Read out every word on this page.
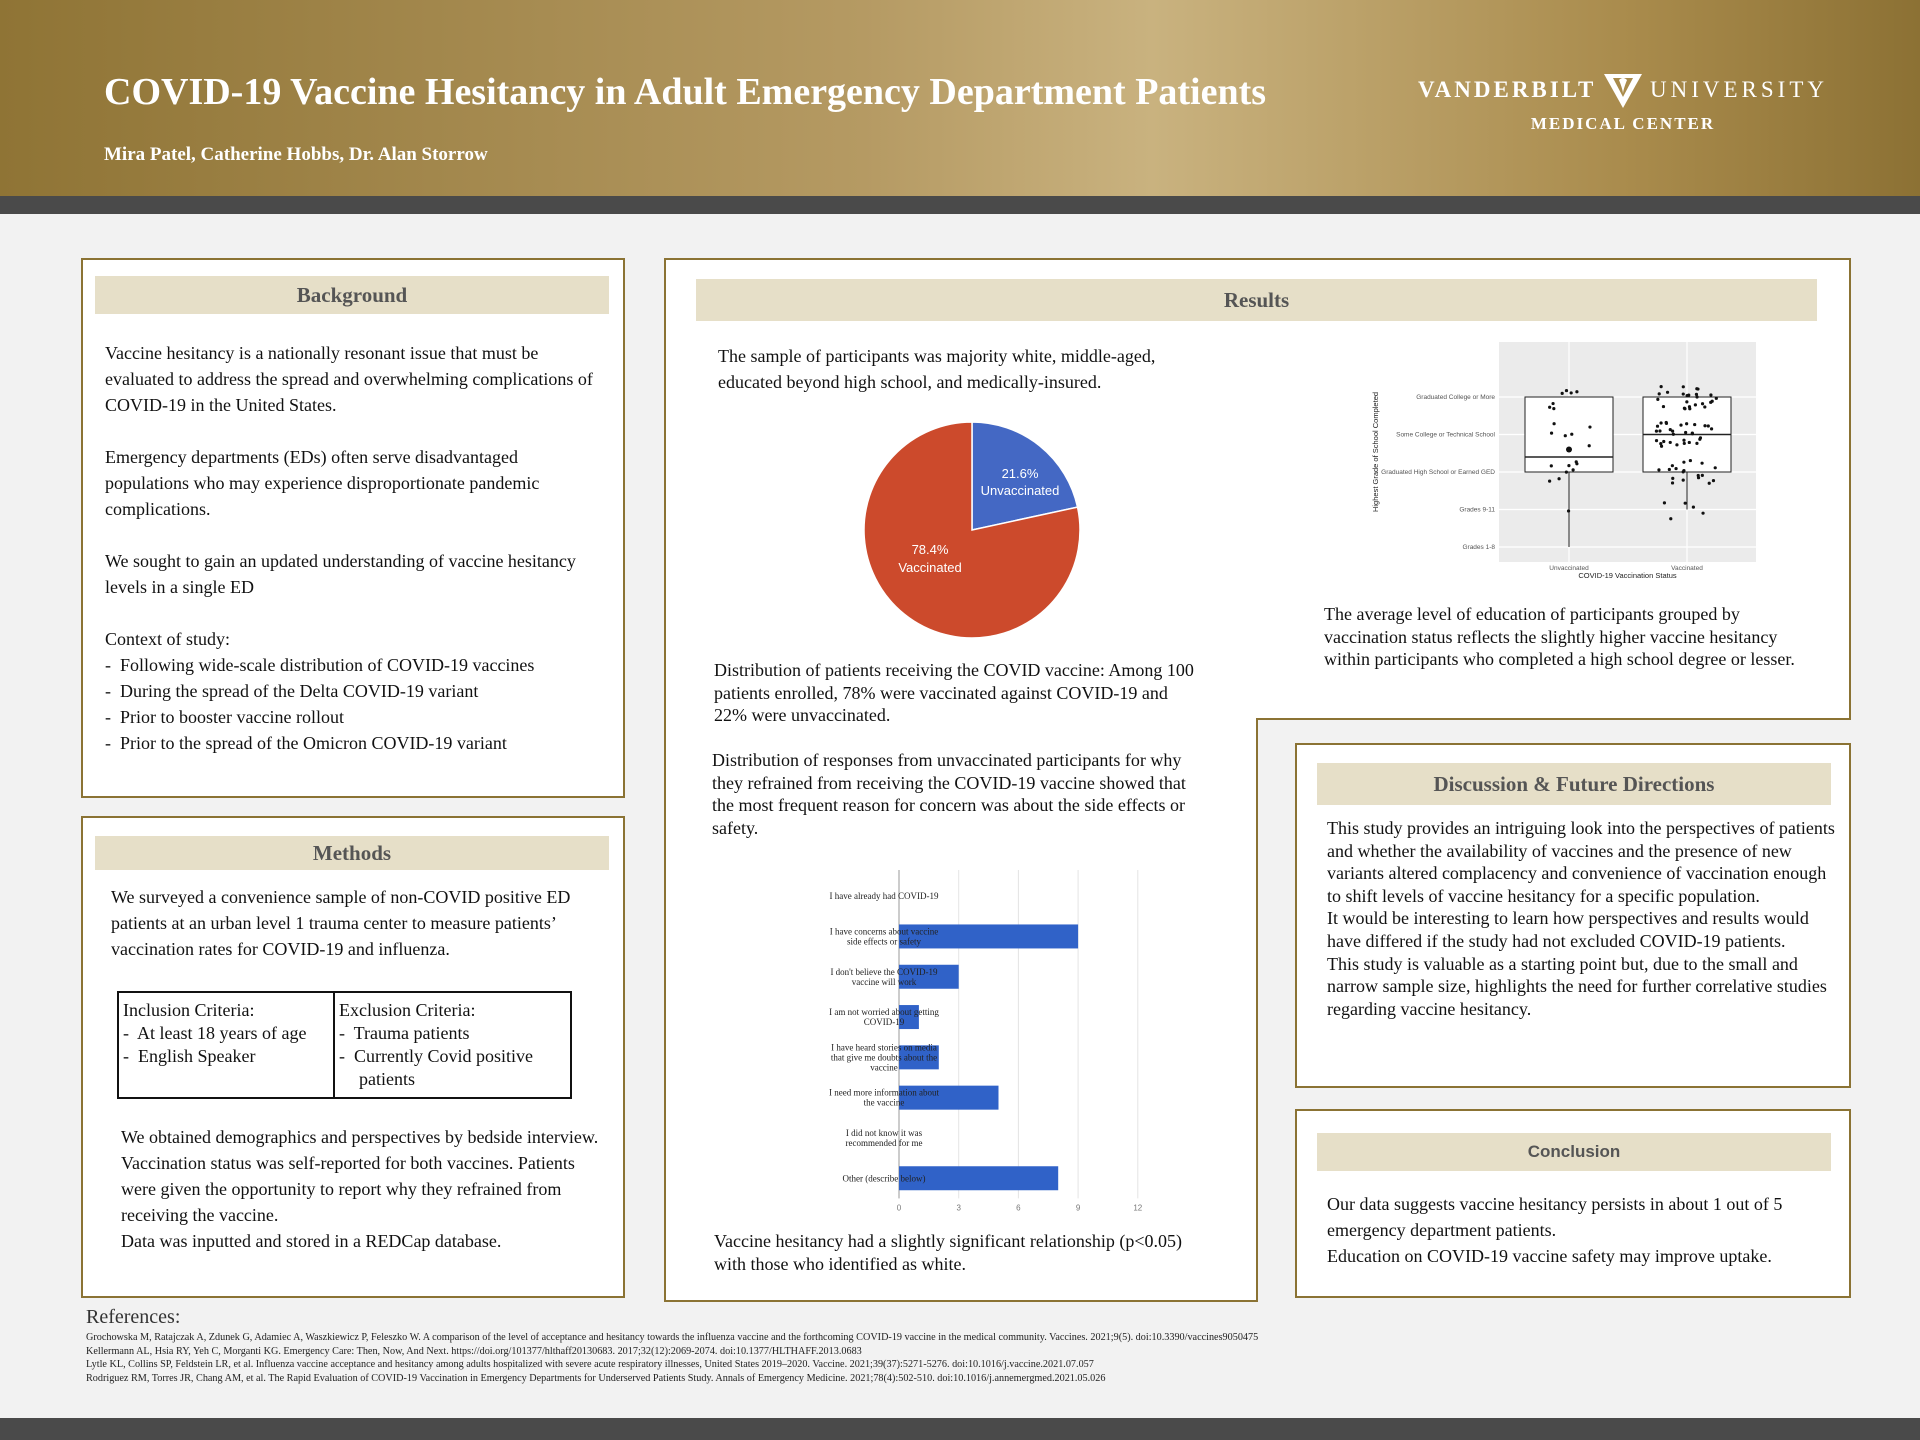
COVID-19 Vaccine Hesitancy in Adult Emergency Department Patients
Mira Patel, Catherine Hobbs, Dr. Alan Storrow
VANDERBILT UNIVERSITY
MEDICAL CENTER
Background

Vaccine hesitancy is a nationally resonant issue that must be evaluated to address the spread and overwhelming complications of COVID-19 in the United States.

Emergency departments (EDs) often serve disadvantaged populations who may experience disproportionate pandemic complications.

We sought to gain an updated understanding of vaccine hesitancy levels in a single ED

Context of study:
-  Following wide-scale distribution of COVID-19 vaccines
-  During the spread of the Delta COVID-19 variant
-  Prior to booster vaccine rollout
-  Prior to the spread of the Omicron COVID-19 variant
Methods
We surveyed a convenience sample of non-COVID positive ED patients at an urban level 1 trauma center to measure patients’ vaccination rates for COVID-19 and influenza.
Inclusion Criteria:
-  At least 18 years of age
-  English Speaker

Exclusion Criteria:
-  Trauma patients
-  Currently Covid positive patients
We obtained demographics and perspectives by bedside interview.
Vaccination status was self-reported for both vaccines. Patients were given the opportunity to report why they refrained from receiving the vaccine.
Data was inputted and stored in a REDCap database.
Results
The sample of participants was majority white, middle-aged, educated beyond high school, and medically-insured.
21.6%
Unvaccinated
78.4%
Vaccinated
Distribution of patients receiving the COVID vaccine: Among 100 patients enrolled, 78% were vaccinated against COVID-19 and 22% were unvaccinated.
Distribution of responses from unvaccinated participants for why they refrained from receiving the COVID-19 vaccine showed that the most frequent reason for concern was about the side effects or safety.
0	3	6	9	12
I have already had COVID-19
I have concerns about vaccine side effects or safety
I don't believe the COVID-19 vaccine will work
I am not worried about getting COVID-19
I have heard stories on media that give me doubts about the vaccine
I need more information about the vaccine
I did not know it was recommended for me
Other (describe below)
Vaccine hesitancy had a slightly significant relationship (p<0.05) with those who identified as white.
Grades 1-8
Grades 9-11
Graduated High School or Earned GED
Some College or Technical School
Graduated College or More
Unvaccinated	Vaccinated
COVID-19 Vaccination Status
Highest Grade of School Completed
The average level of education of participants grouped by vaccination status reflects the slightly higher vaccine hesitancy within participants who completed a high school degree or lesser.
Discussion & Future Directions
This study provides an intriguing look into the perspectives of patients and whether the availability of vaccines and the presence of new variants altered complacency and convenience of vaccination enough to shift levels of vaccine hesitancy for a specific population.
It would be interesting to learn how perspectives and results would have differed if the study had not excluded COVID-19 patients.
This study is valuable as a starting point but, due to the small and narrow sample size, highlights the need for further correlative studies regarding vaccine hesitancy.
Conclusion
Our data suggests vaccine hesitancy persists in about 1 out of 5 emergency department patients.
Education on COVID-19 vaccine safety may improve uptake.
References:
Grochowska M, Ratajczak A, Zdunek G, Adamiec A, Waszkiewicz P, Feleszko W. A comparison of the level of acceptance and hesitancy towards the influenza vaccine and the forthcoming COVID-19 vaccine in the medical community. Vaccines. 2021;9(5). doi:10.3390/vaccines9050475
Kellermann AL, Hsia RY, Yeh C, Morganti KG. Emergency Care: Then, Now, And Next. https://doi.org/101377/hlthaff20130683. 2017;32(12):2069-2074. doi:10.1377/HLTHAFF.2013.0683
Lytle KL, Collins SP, Feldstein LR, et al. Influenza vaccine acceptance and hesitancy among adults hospitalized with severe acute respiratory illnesses, United States 2019–2020. Vaccine. 2021;39(37):5271-5276. doi:10.1016/j.vaccine.2021.07.057
Rodriguez RM, Torres JR, Chang AM, et al. The Rapid Evaluation of COVID-19 Vaccination in Emergency Departments for Underserved Patients Study. Annals of Emergency Medicine. 2021;78(4):502-510. doi:10.1016/j.annemergmed.2021.05.026
